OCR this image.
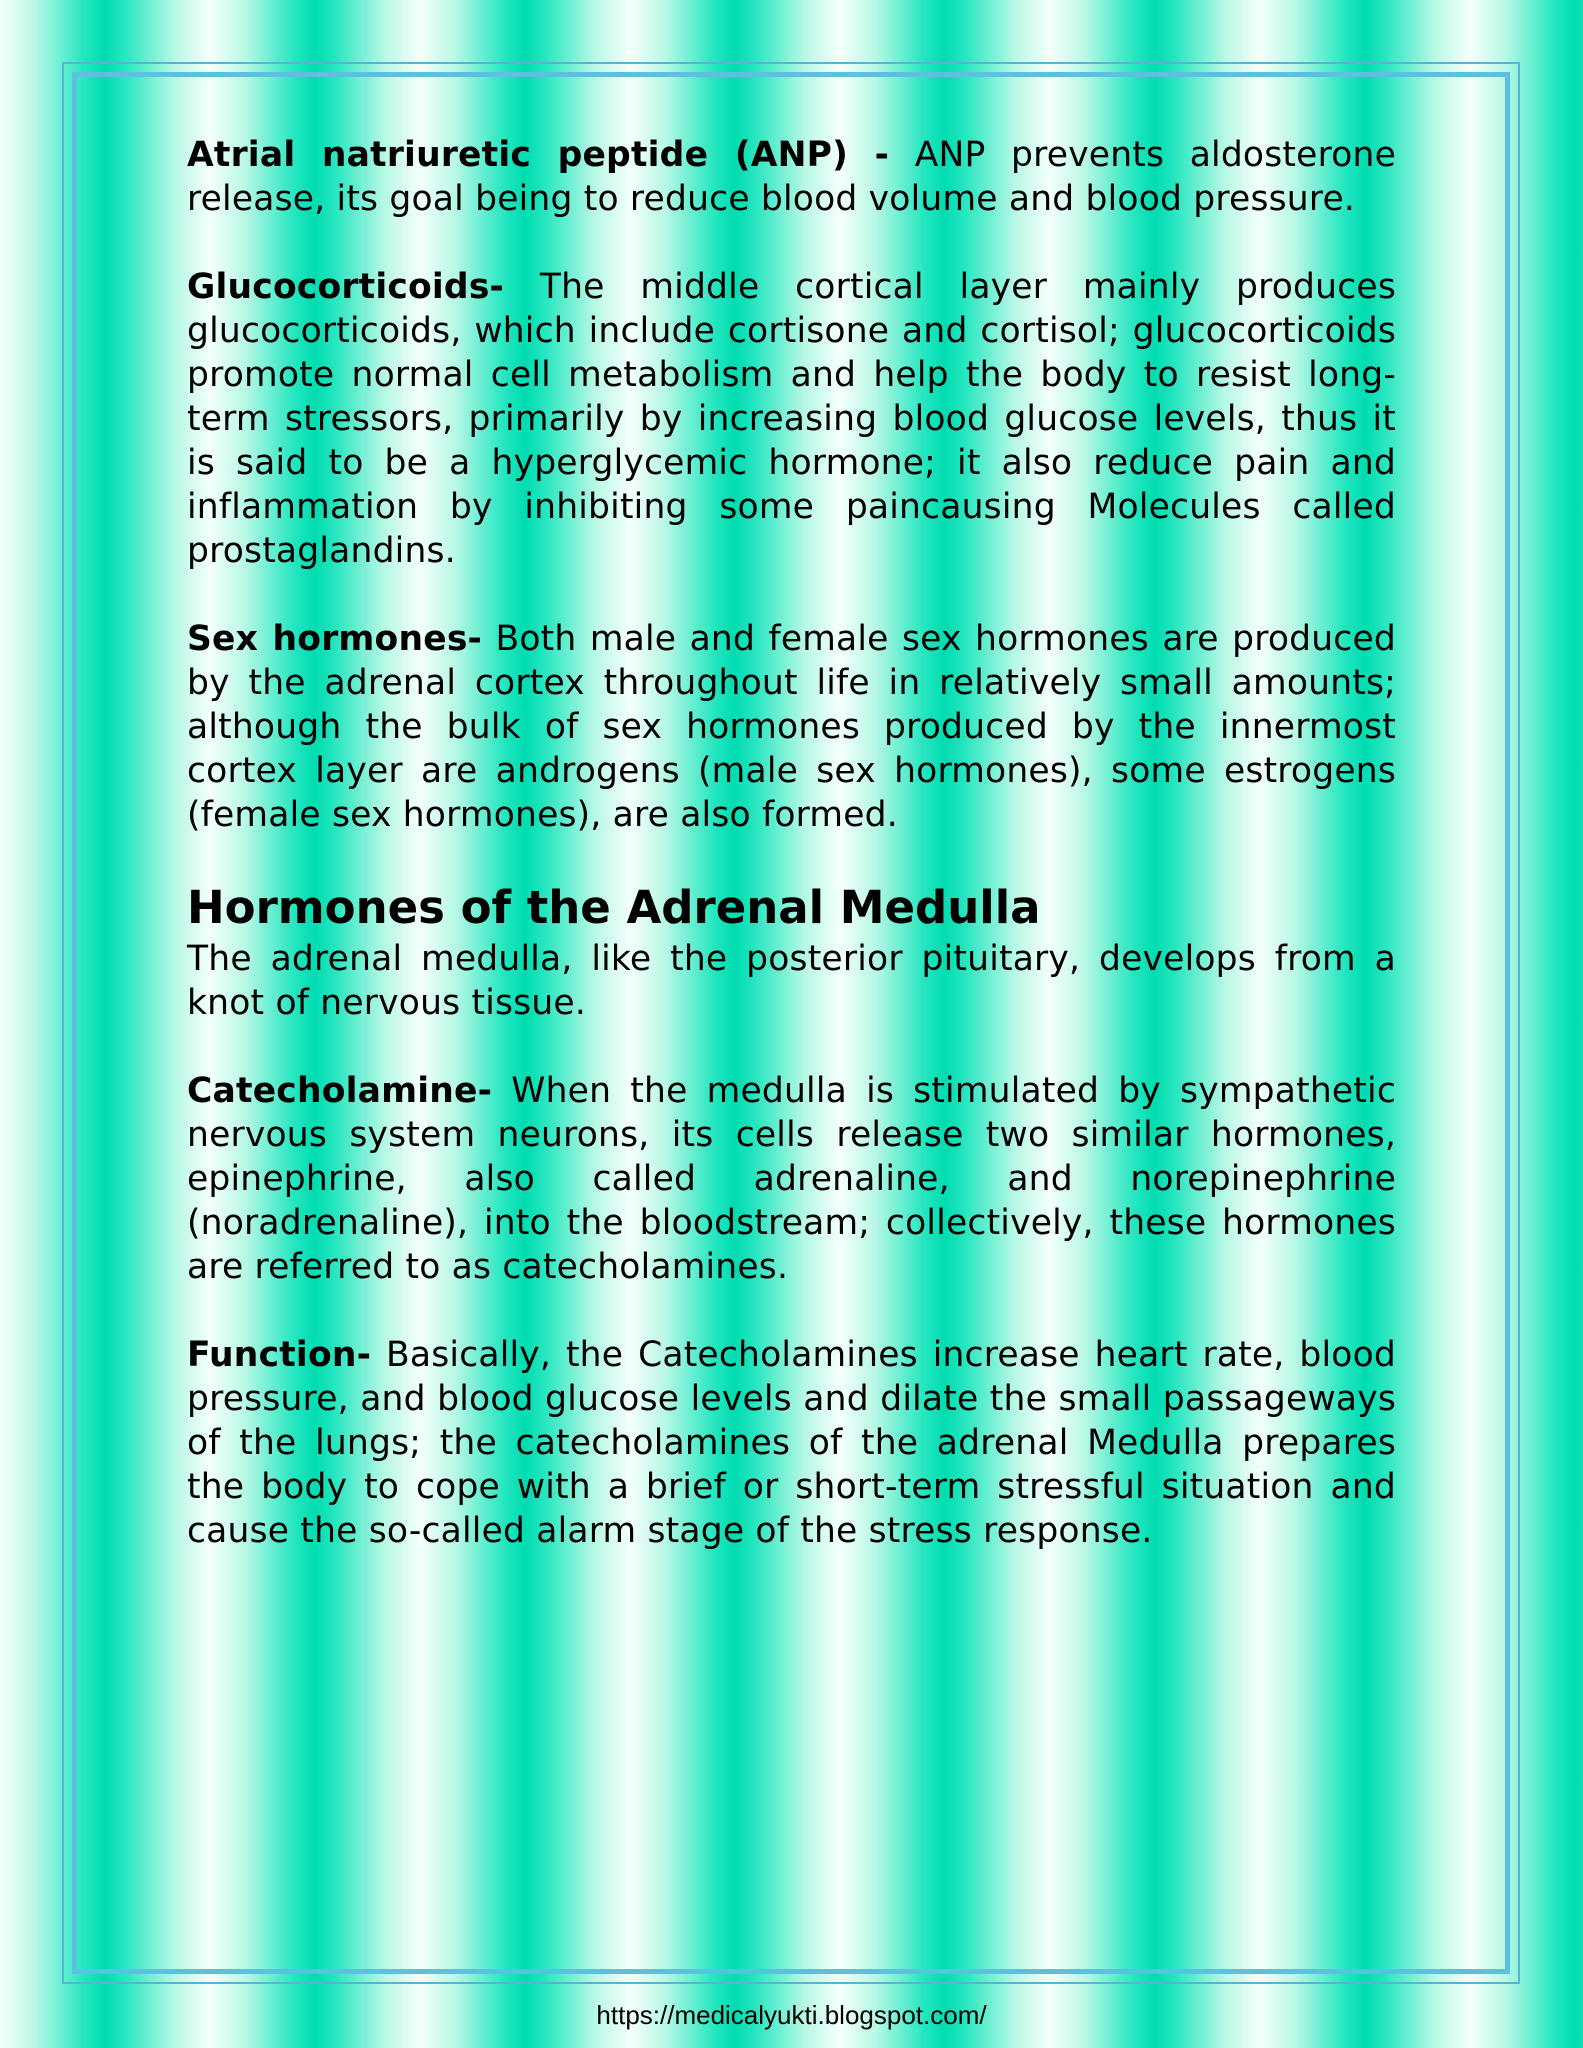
Atrial natriuretic peptide (ANP) - ANP prevents aldosterone release, its goal being to reduce blood volume and blood pressure.

Glucocorticoids- The middle cortical layer mainly produces glucocorticoids, which include cortisone and cortisol; glucocorticoids promote normal cell metabolism and help the body to resist long-term stressors, primarily by increasing blood glucose levels, thus it is said to be a hyperglycemic hormone; it also reduce pain and inflammation by inhibiting some paincausing Molecules called prostaglandins.

Sex hormones- Both male and female sex hormones are produced by the adrenal cortex throughout life in relatively small amounts; although the bulk of sex hormones produced by the innermost cortex layer are androgens (male sex hormones), some estrogens (female sex hormones), are also formed.

Hormones of the Adrenal Medulla

The adrenal medulla, like the posterior pituitary, develops from a knot of nervous tissue.

Catecholamine- When the medulla is stimulated by sympathetic nervous system neurons, its cells release two similar hormones, epinephrine, also called adrenaline, and norepinephrine (noradrenaline), into the bloodstream; collectively, these hormones are referred to as catecholamines.

Function- Basically, the Catecholamines increase heart rate, blood pressure, and blood glucose levels and dilate the small passageways of the lungs; the catecholamines of the adrenal Medulla prepares the body to cope with a brief or short-term stressful situation and cause the so-called alarm stage of the stress response.

https://medicalyukti.blogspot.com/
